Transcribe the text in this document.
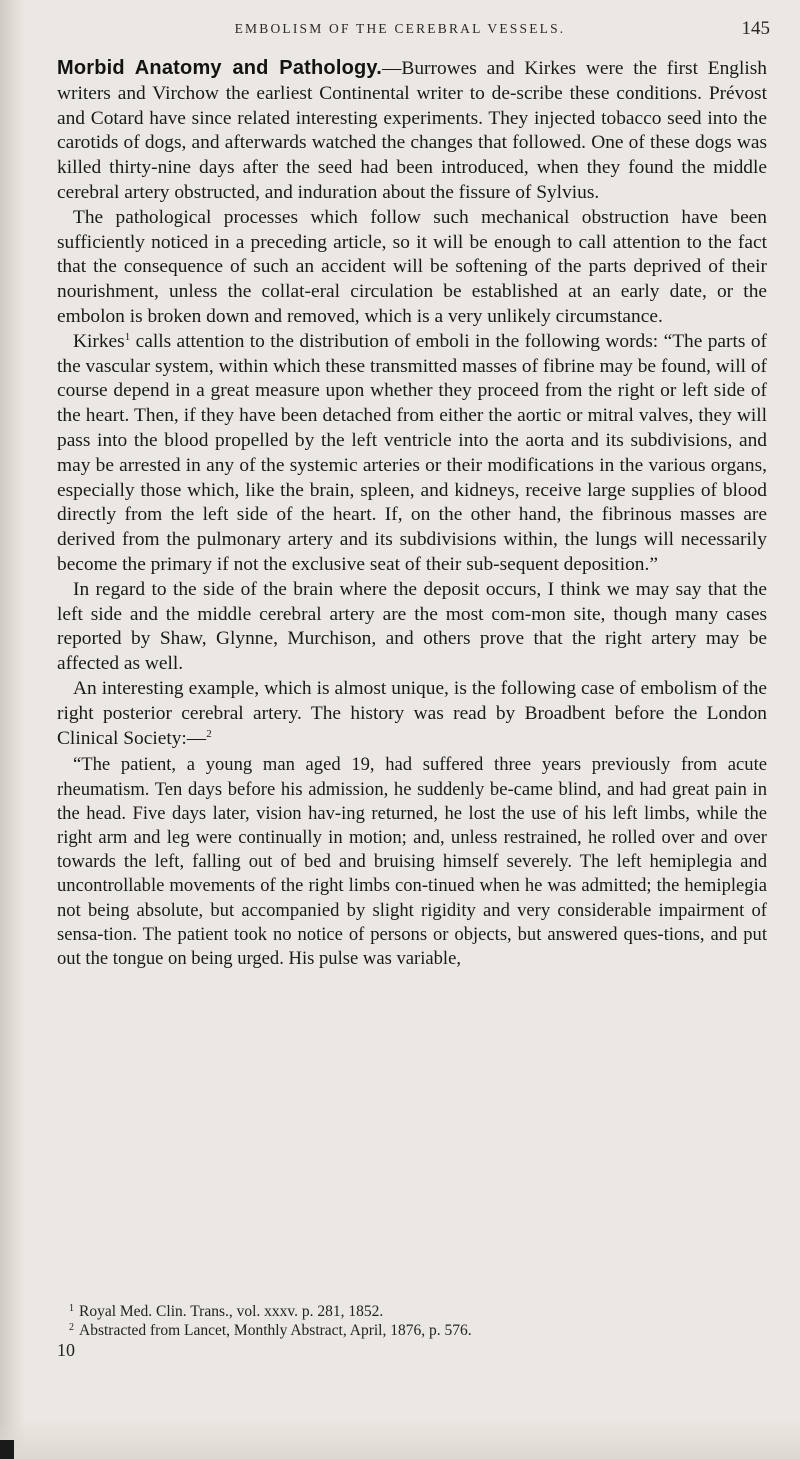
EMBOLISM OF THE CEREBRAL VESSELS.	145

Morbid Anatomy and Pathology.—Burrowes and Kirkes were the first English writers and Virchow the earliest Continental writer to de-scribe these conditions. Prévost and Cotard have since related interesting experiments. They injected tobacco seed into the carotids of dogs, and afterwards watched the changes that followed. One of these dogs was killed thirty-nine days after the seed had been introduced, when they found the middle cerebral artery obstructed, and induration about the fissure of Sylvius.

The pathological processes which follow such mechanical obstruction have been sufficiently noticed in a preceding article, so it will be enough to call attention to the fact that the consequence of such an accident will be softening of the parts deprived of their nourishment, unless the collat-eral circulation be established at an early date, or the embolon is broken down and removed, which is a very unlikely circumstance.

Kirkes$^1$ calls attention to the distribution of emboli in the following words: “The parts of the vascular system, within which these transmitted masses of fibrine may be found, will of course depend in a great measure upon whether they proceed from the right or left side of the heart. Then, if they have been detached from either the aortic or mitral valves, they will pass into the blood propelled by the left ventricle into the aorta and its subdivisions, and may be arrested in any of the systemic arteries or their modifications in the various organs, especially those which, like the brain, spleen, and kidneys, receive large supplies of blood directly from the left side of the heart. If, on the other hand, the fibrinous masses are derived from the pulmonary artery and its subdivisions within, the lungs will necessarily become the primary if not the exclusive seat of their sub-sequent deposition.”

In regard to the side of the brain where the deposit occurs, I think we may say that the left side and the middle cerebral artery are the most com-mon site, though many cases reported by Shaw, Glynne, Murchison, and others prove that the right artery may be affected as well.

An interesting example, which is almost unique, is the following case of embolism of the right posterior cerebral artery. The history was read by Broadbent before the London Clinical Society:—$^2$

“The patient, a young man aged 19, had suffered three years previously from acute rheumatism. Ten days before his admission, he suddenly be-came blind, and had great pain in the head. Five days later, vision hav-ing returned, he lost the use of his left limbs, while the right arm and leg were continually in motion; and, unless restrained, he rolled over and over towards the left, falling out of bed and bruising himself severely. The left hemiplegia and uncontrollable movements of the right limbs con-tinued when he was admitted; the hemiplegia not being absolute, but accompanied by slight rigidity and very considerable impairment of sensa-tion. The patient took no notice of persons or objects, but answered ques-tions, and put out the tongue on being urged. His pulse was variable,

1 Royal Med. Clin. Trans., vol. xxxv. p. 281, 1852.
2 Abstracted from Lancet, Monthly Abstract, April, 1876, p. 576.
10
